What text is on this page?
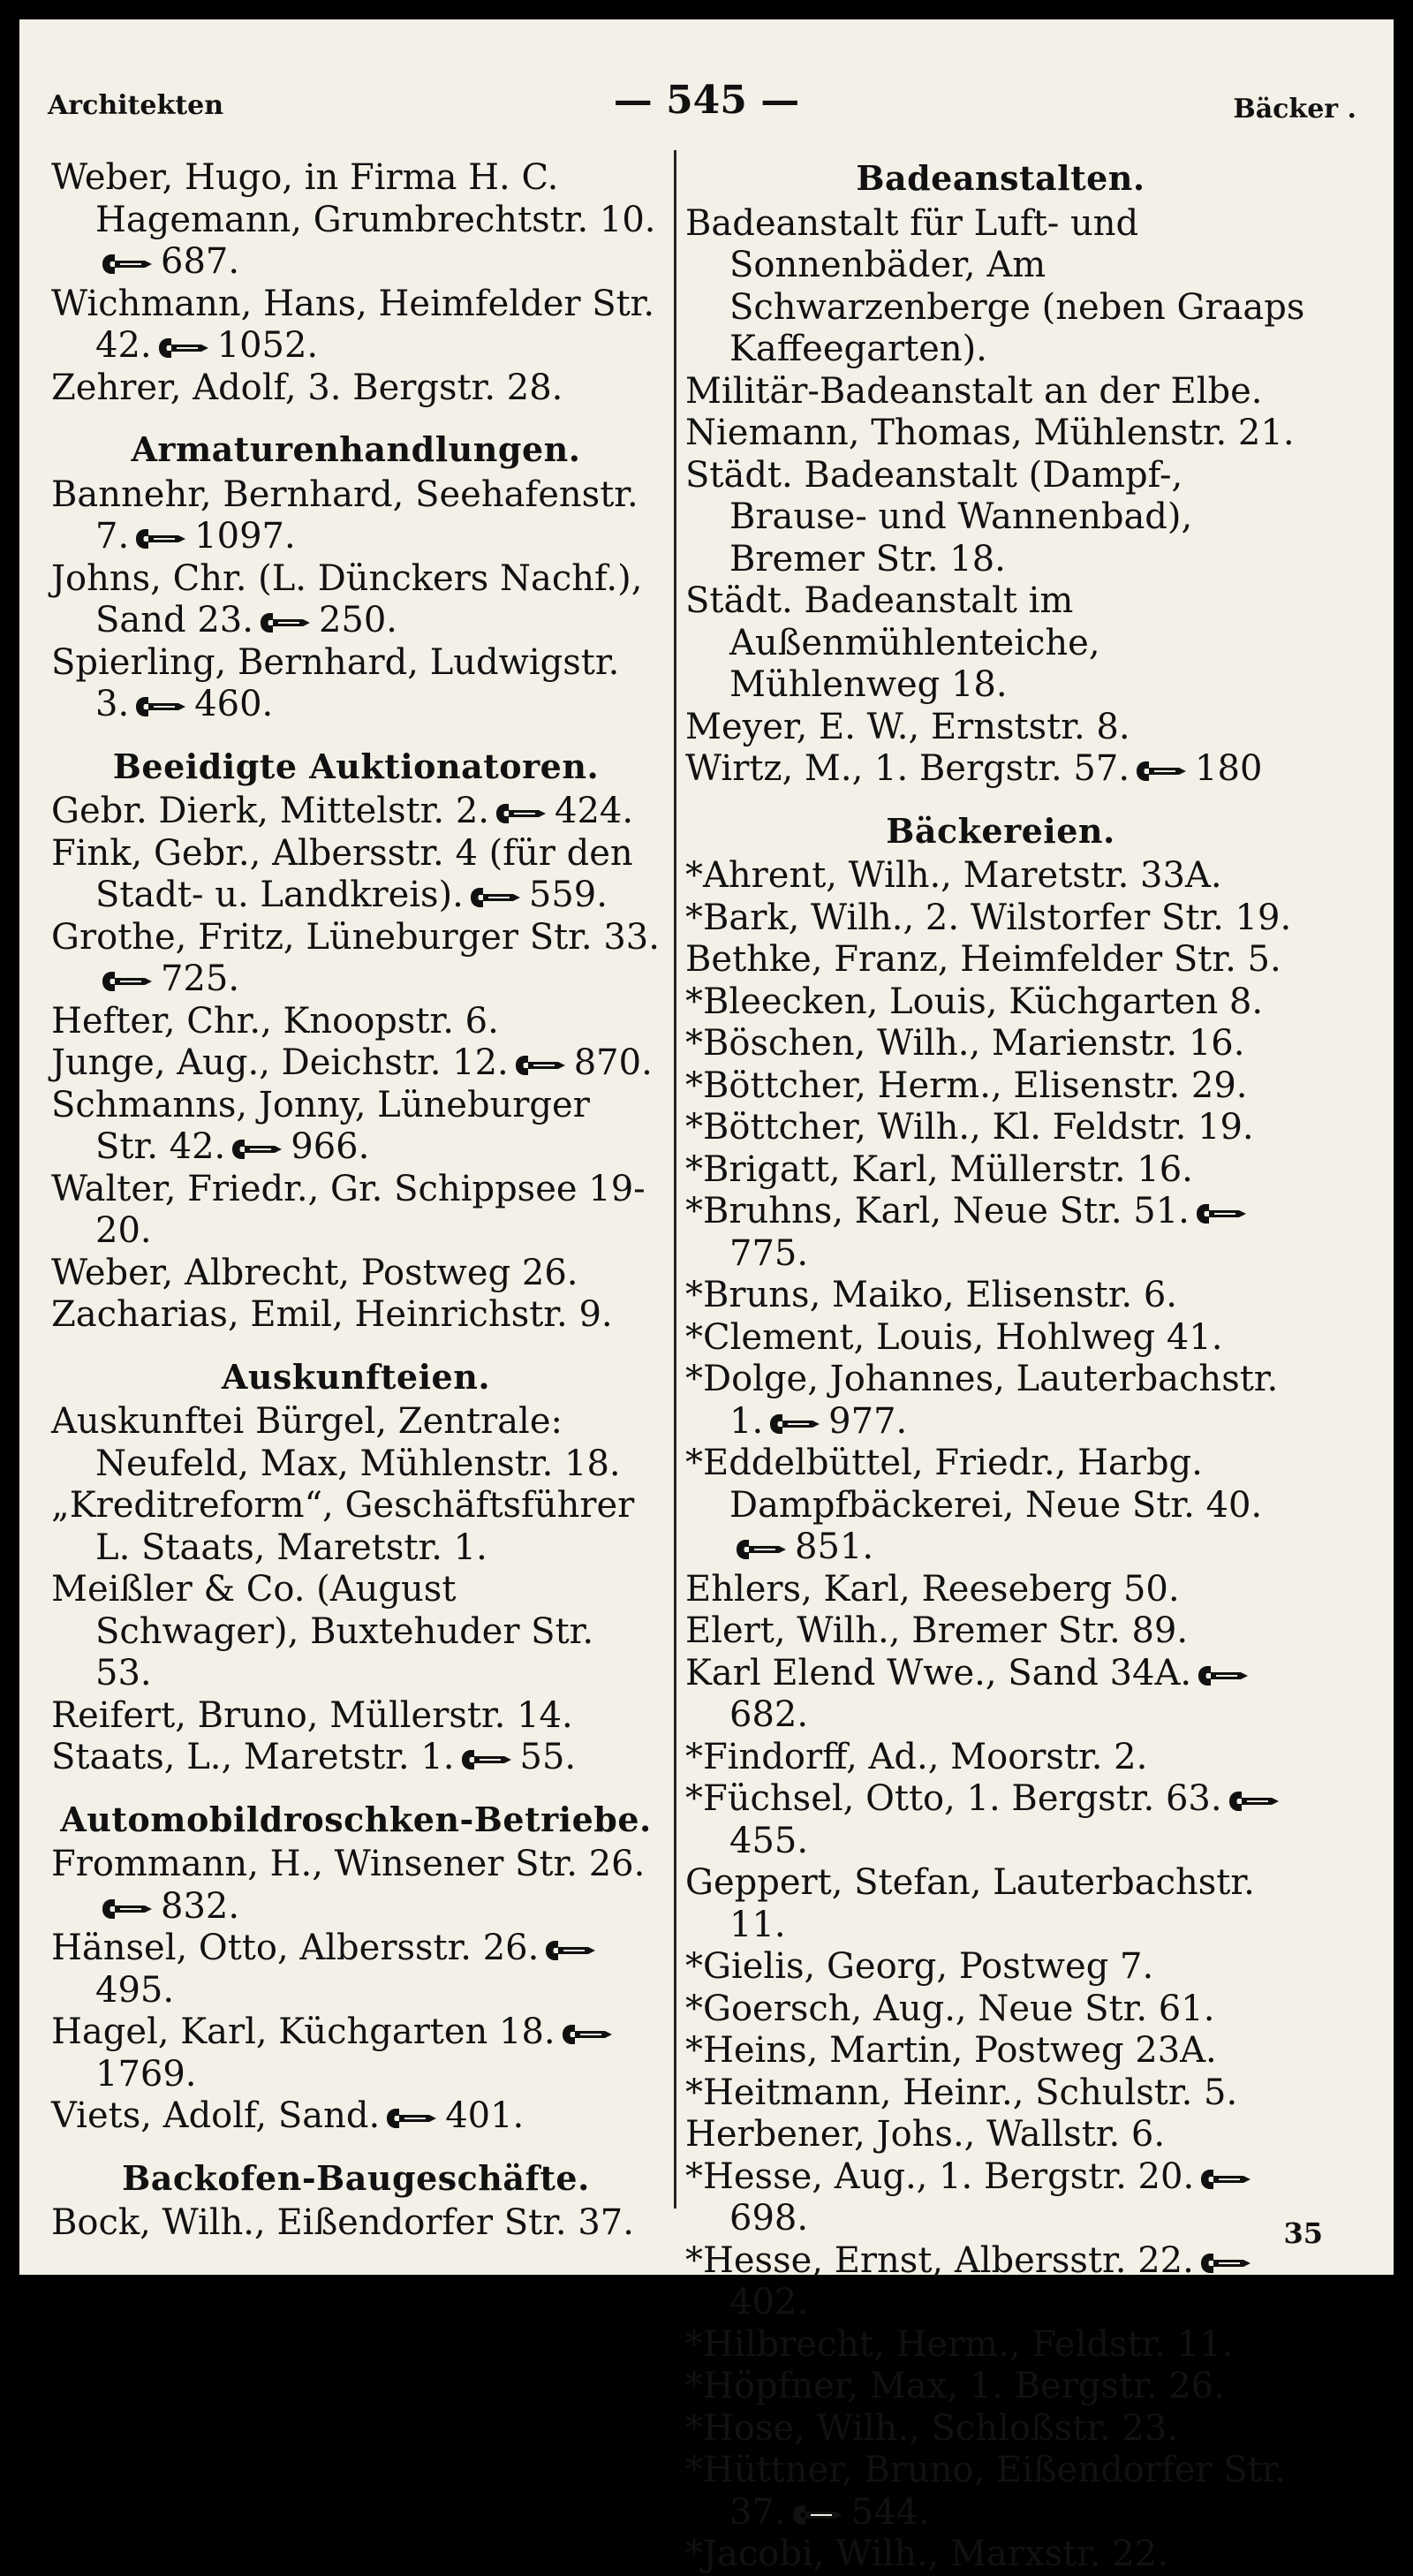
Architekten	— 545 —	Bäcker .
Weber, Hugo, in Firma H. C. Hagemann, Grumbrechtstr. 10.687.
Wichmann, Hans, Heimfelder Str. 42. 1052.
Zehrer, Adolf, 3. Bergstr. 28.
Armaturenhandlungen.
Bannehr, Bernhard, Seehafenstr. 7. 1097.
Johns, Chr. (L. Dünckers Nachf.), Sand 23. 250.
Spierling, Bernhard, Ludwigstr. 3. 460.
Beeidigte Auktionatoren.
Gebr. Dierk, Mittelstr. 2. 424.
Fink, Gebr., Albersstr. 4 (für den Stadt- u. Landkreis). 559.
Grothe, Fritz, Lüneburger Str. 33.725.
Hefter, Chr., Knoopstr. 6.
Junge, Aug., Deichstr. 12. 870.
Schmanns, Jonny, Lüneburger Str. 42. 966.
Walter, Friedr., Gr. Schippsee 19-20.
Weber, Albrecht, Postweg 26.
Zacharias, Emil, Heinrichstr. 9.
Auskunfteien.
Auskunftei Bürgel, Zentrale: Neufeld, Max, Mühlenstr. 18.
„Kreditreform“, Geschäftsführer L. Staats, Maretstr. 1.
Meißler & Co. (August Schwager), Buxtehuder Str. 53.
Reifert, Bruno, Müllerstr. 14.
Staats, L., Maretstr. 1. 55.
Automobildroschken-Betriebe.
Frommann, H., Winsener Str. 26.832.
Hänsel, Otto, Albersstr. 26.495.
Hagel, Karl, Küchgarten 18.1769.
Viets, Adolf, Sand. 401.
Backofen-Baugeschäfte.
Bock, Wilh., Eißendorfer Str. 37.
Badeanstalten.
Badeanstalt für Luft- und Sonnenbäder, Am Schwarzenberge (neben Graaps Kaffeegarten).
Militär-Badeanstalt an der Elbe.
Niemann, Thomas, Mühlenstr. 21.
Städt. Badeanstalt (Dampf-, Brause- und Wannenbad), Bremer Str. 18.
Städt. Badeanstalt im Außenmühlenteiche, Mühlenweg 18.
Meyer, E. W., Ernststr. 8.
Wirtz, M., 1. Bergstr. 57. 180
Bäckereien.
*Ahrent, Wilh., Maretstr. 33A.
*Bark, Wilh., 2. Wilstorfer Str. 19.
Bethke, Franz, Heimfelder Str. 5.
*Bleecken, Louis, Küchgarten 8.
*Böschen, Wilh., Marienstr. 16.
*Böttcher, Herm., Elisenstr. 29.
*Böttcher, Wilh., Kl. Feldstr. 19.
*Brigatt, Karl, Müllerstr. 16.
*Bruhns, Karl, Neue Str. 51.775.
*Bruns, Maiko, Elisenstr. 6.
*Clement, Louis, Hohlweg 41.
*Dolge, Johannes, Lauterbachstr. 1. 977.
*Eddelbüttel, Friedr., Harbg. Dampfbäckerei, Neue Str. 40.851.
Ehlers, Karl, Reeseberg 50.
Elert, Wilh., Bremer Str. 89.
Karl Elend Wwe., Sand 34A.682.
*Findorff, Ad., Moorstr. 2.
*Füchsel, Otto, 1. Bergstr. 63.455.
Geppert, Stefan, Lauterbachstr. 11.
*Gielis, Georg, Postweg 7.
*Goersch, Aug., Neue Str. 61.
*Heins, Martin, Postweg 23A.
*Heitmann, Heinr., Schulstr. 5.
Herbener, Johs., Wallstr. 6.
*Hesse, Aug., 1. Bergstr. 20.698.
*Hesse, Ernst, Albersstr. 22.402.
*Hilbrecht, Herm., Feldstr. 11.
*Höpfner, Max, 1. Bergstr. 26.
*Hose, Wilh., Schloßstr. 23.
*Hüttner, Bruno, Eißendorfer Str. 37. 544.
*Jacobi, Wilh., Marxstr. 22.
35
